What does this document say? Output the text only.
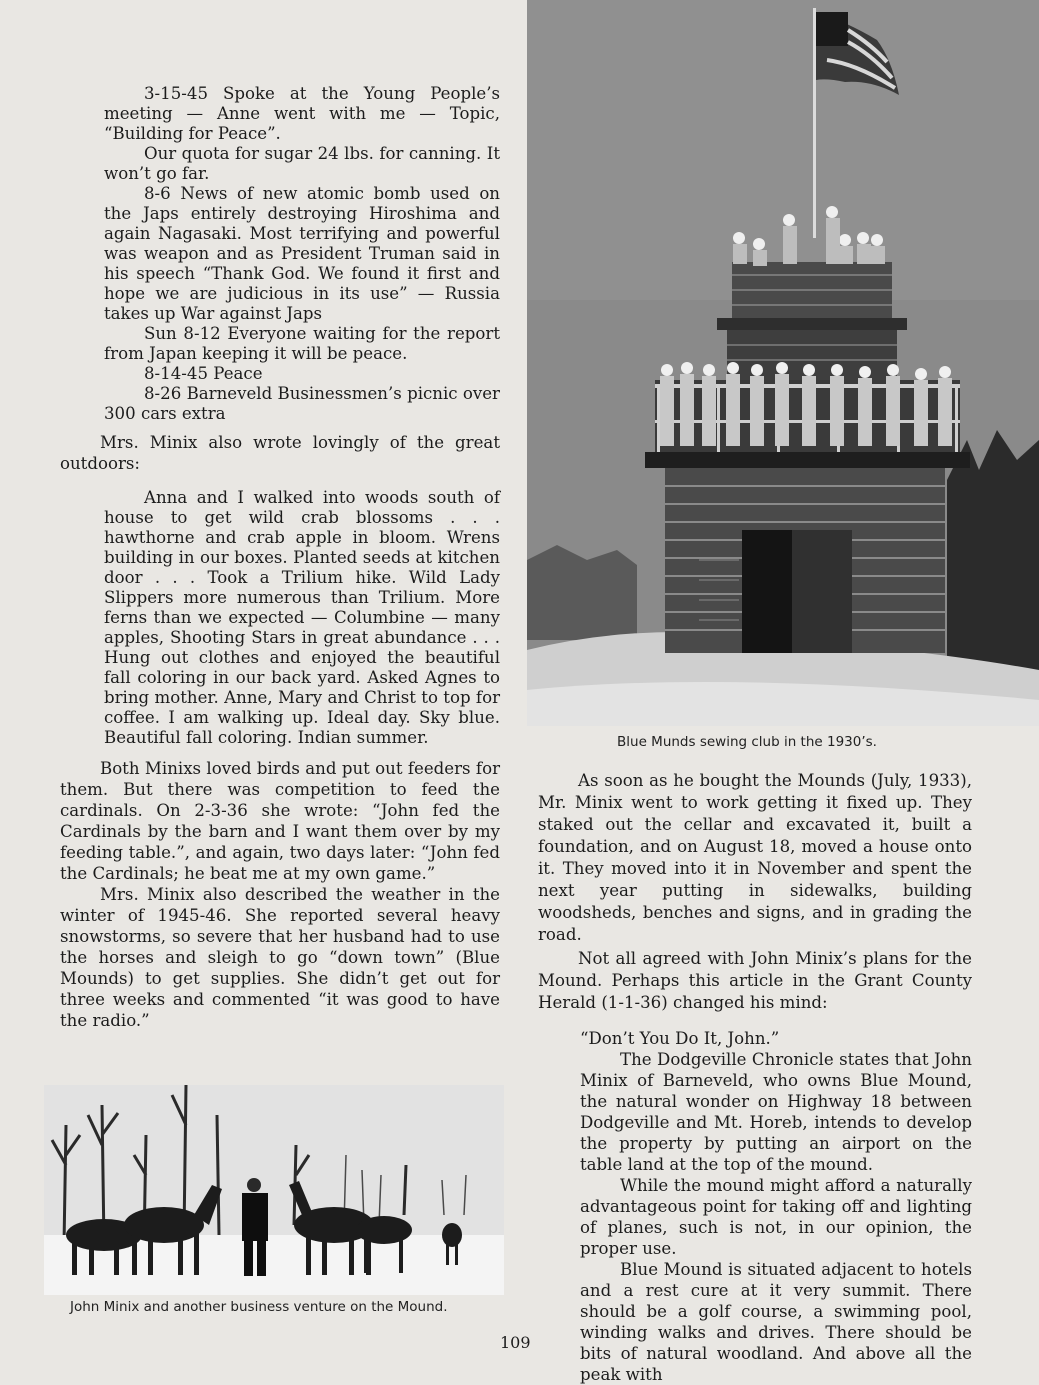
3-15-45 Spoke at the Young People’s meeting — Anne went with me — Topic, “Building for Peace”.

Our quota for sugar 24 lbs. for canning. It won’t go far.

8-6 News of new atomic bomb used on the Japs entirely destroying Hiroshima and again Nagasaki. Most terrifying and powerful was weapon and as President Truman said in his speech “Thank God. We found it first and hope we are judicious in its use” — Russia takes up War against Japs

Sun 8-12 Everyone waiting for the report from Japan keeping it will be peace.

8-14-45 Peace

8-26 Barneveld Businessmen’s picnic over 300 cars extra

Mrs. Minix also wrote lovingly of the great outdoors:

Anna and I walked into woods south of house to get wild crab blossoms . . . hawthorne and crab apple in bloom. Wrens building in our boxes. Planted seeds at kitchen door . . . Took a Trilium hike. Wild Lady Slippers more numerous than Trilium. More ferns than we expected — Columbine — many apples, Shooting Stars in great abundance . . . Hung out clothes and enjoyed the beautiful fall coloring in our back yard. Asked Agnes to bring mother. Anne, Mary and Christ to top for coffee. I am walking up. Ideal day. Sky blue. Beautiful fall coloring. Indian summer.

Both Minixs loved birds and put out feeders for them. But there was competition to feed the cardinals. On 2-3-36 she wrote: “John fed the Cardinals by the barn and I want them over by my feeding table.”, and again, two days later: “John fed the Cardinals; he beat me at my own game.”

Mrs. Minix also described the weather in the winter of 1945-46. She reported several heavy snowstorms, so severe that her husband had to use the horses and sleigh to go “down town” (Blue Mounds) to get supplies. She didn’t get out for three weeks and commented “it was good to have the radio.”

Blue Munds sewing club in the 1930’s.
John Minix and another business venture on the Mound.

As soon as he bought the Mounds (July, 1933), Mr. Minix went to work getting it fixed up. They staked out the cellar and excavated it, built a foundation, and on August 18, moved a house onto it. They moved into it in November and spent the next year putting in sidewalks, building woodsheds, benches and signs, and in grading the road.

Not all agreed with John Minix’s plans for the Mound. Perhaps this article in the Grant County Herald (1-1-36) changed his mind:

“Don’t You Do It, John.”

The Dodgeville Chronicle states that John Minix of Barneveld, who owns Blue Mound, the natural wonder on Highway 18 between Dodgeville and Mt. Horeb, intends to develop the property by putting an airport on the table land at the top of the mound.

While the mound might afford a naturally advantageous point for taking off and lighting of planes, such is not, in our opinion, the proper use.

Blue Mound is situated adjacent to hotels and a rest cure at it very summit. There should be a golf course, a swimming pool, winding walks and drives. There should be bits of natural woodland. And above all the peak with

109
